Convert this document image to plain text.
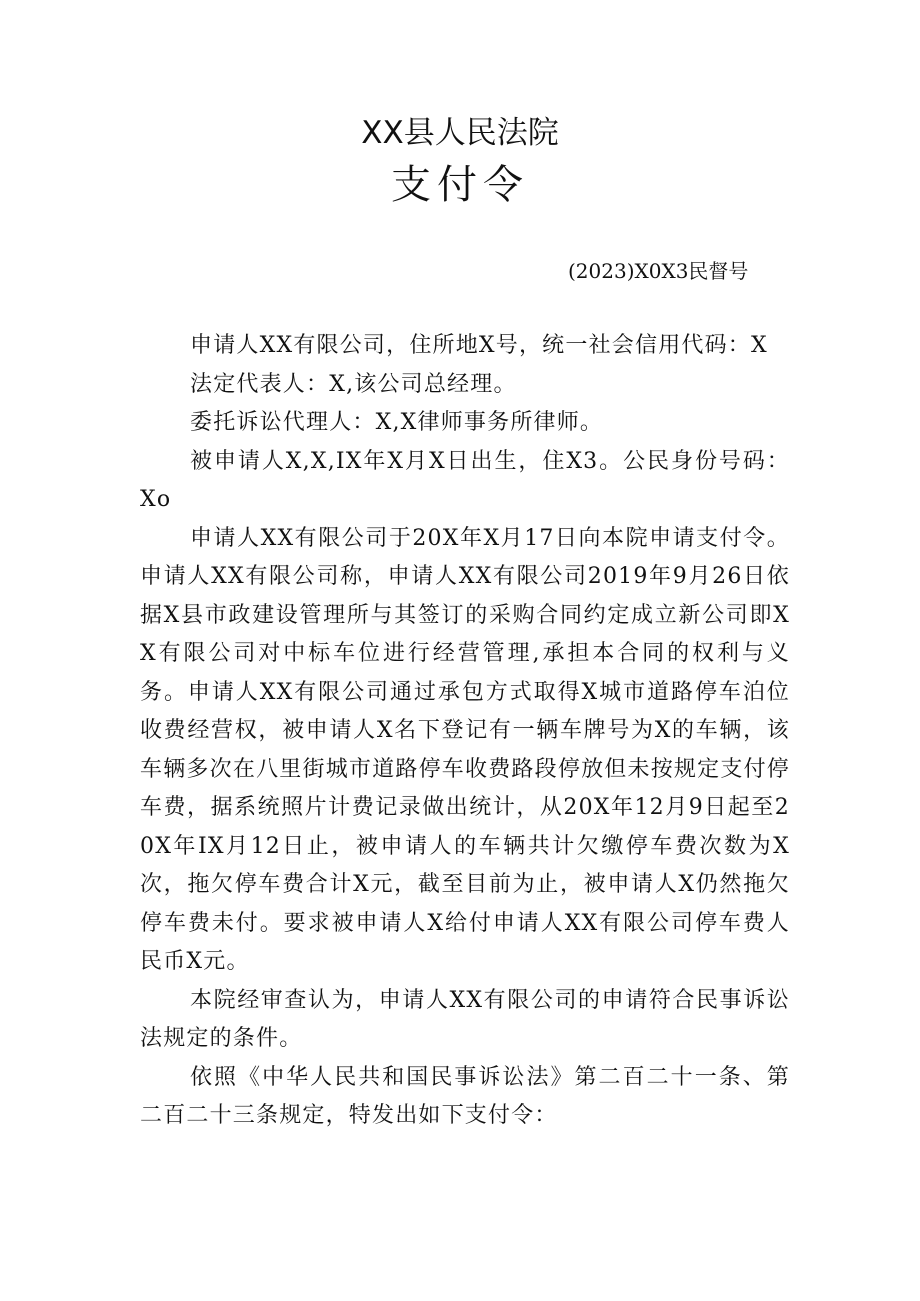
XX县人民法院
支付令
(2023)X0X3民督号

申请人XX有限公司，住所地X号，统一社会信用代码：X

法定代表人：X,该公司总经理。

委托诉讼代理人：X,X律师事务所律师。

被申请人X,X,IX年X月X日出生，住X3。公民身份号码：Xo

申请人XX有限公司于20X年X月17日向本院申请支付令。申请人XX有限公司称，申请人XX有限公司2019年9月26日依据X县市政建设管理所与其签订的采购合同约定成立新公司即XX有限公司对中标车位进行经营管理,承担本合同的权利与义务。申请人XX有限公司通过承包方式取得X城市道路停车泊位收费经营权，被申请人X名下登记有一辆车牌号为X的车辆，该车辆多次在八里街城市道路停车收费路段停放但未按规定支付停车费，据系统照片计费记录做出统计，从20X年12月9日起至20X年IX月12日止，被申请人的车辆共计欠缴停车费次数为X次，拖欠停车费合计X元，截至目前为止，被申请人X仍然拖欠停车费未付。要求被申请人X给付申请人XX有限公司停车费人民币X元。

本院经审查认为，申请人XX有限公司的申请符合民事诉讼法规定的条件。

依照《中华人民共和国民事诉讼法》第二百二十一条、第二百二十三条规定，特发出如下支付令：
